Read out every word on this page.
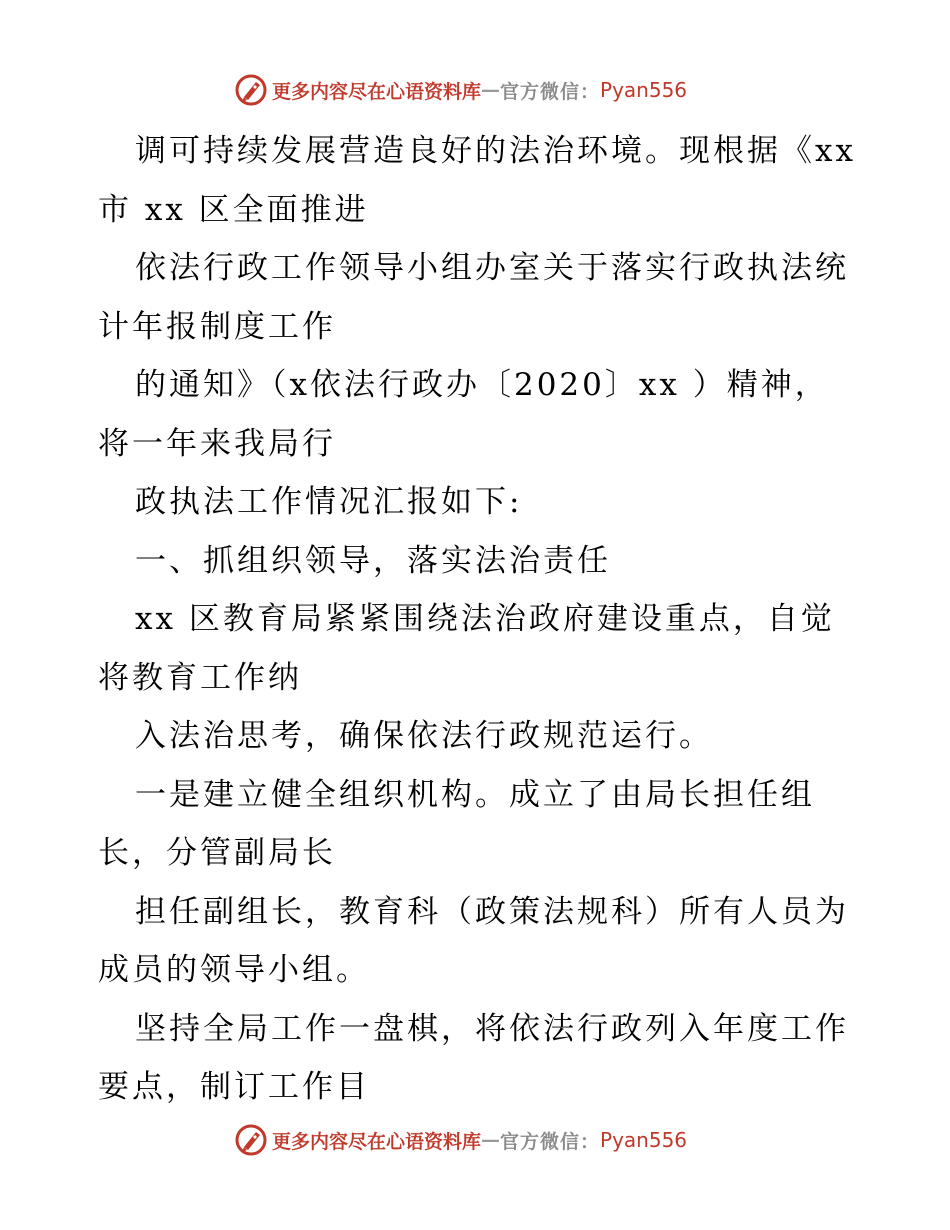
更多内容尽在心语资料库 — 官方微信： Pyan556
调可持续发展营造良好的法治环境。现根据《xx
市 xx 区全面推进
依法行政工作领导小组办室关于落实行政执法统
计年报制度工作
的通知》（x依法行政办〔2020〕xx ）精神，
将一年来我局行
政执法工作情况汇报如下:
一、抓组织领导，落实法治责任
xx 区教育局紧紧围绕法治政府建设重点，自觉
将教育工作纳
入法治思考，确保依法行政规范运行。
一是建立健全组织机构。成立了由局长担任组
长，分管副局长
担任副组长，教育科（政策法规科）所有人员为
成员的领导小组。
坚持全局工作一盘棋，将依法行政列入年度工作
要点，制订工作目
更多内容尽在心语资料库 — 官方微信： Pyan556
